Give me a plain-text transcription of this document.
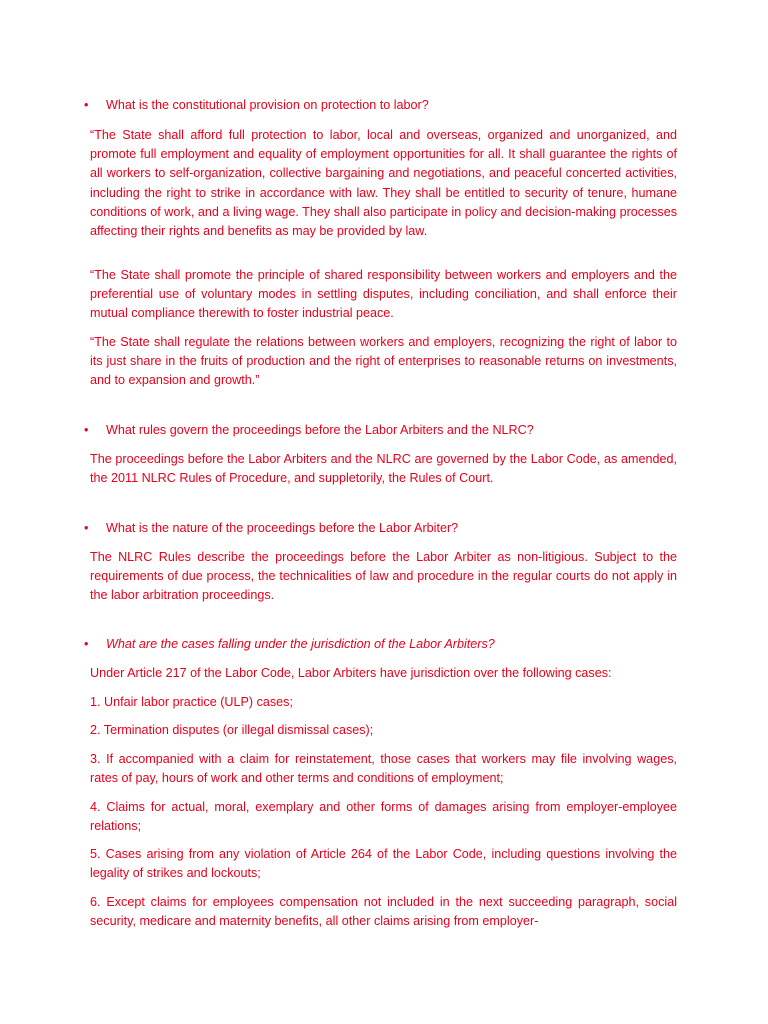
• What is the constitutional provision on protection to labor?

“The State shall afford full protection to labor, local and overseas, organized and unorganized, and promote full employment and equality of employment opportunities for all. It shall guarantee the rights of all workers to self-organization, collective bargaining and negotiations, and peaceful concerted activities, including the right to strike in accordance with law. They shall be entitled to security of tenure, humane conditions of work, and a living wage. They shall also participate in policy and decision-making processes affecting their rights and benefits as may be provided by law.

“The State shall promote the principle of shared responsibility between workers and employers and the preferential use of voluntary modes in settling disputes, including conciliation, and shall enforce their mutual compliance therewith to foster industrial peace.

“The State shall regulate the relations between workers and employers, recognizing the right of labor to its just share in the fruits of production and the right of enterprises to reasonable returns on investments, and to expansion and growth.”

• What rules govern the proceedings before the Labor Arbiters and the NLRC?

The proceedings before the Labor Arbiters and the NLRC are governed by the Labor Code, as amended, the 2011 NLRC Rules of Procedure, and suppletorily, the Rules of Court.

• What is the nature of the proceedings before the Labor Arbiter?

The NLRC Rules describe the proceedings before the Labor Arbiter as non-litigious. Subject to the requirements of due process, the technicalities of law and procedure in the regular courts do not apply in the labor arbitration proceedings.

• What are the cases falling under the jurisdiction of the Labor Arbiters?

Under Article 217 of the Labor Code, Labor Arbiters have jurisdiction over the following cases:

1. Unfair labor practice (ULP) cases;

2. Termination disputes (or illegal dismissal cases);

3. If accompanied with a claim for reinstatement, those cases that workers may file involving wages, rates of pay, hours of work and other terms and conditions of employment;

4. Claims for actual, moral, exemplary and other forms of damages arising from employer-employee relations;

5. Cases arising from any violation of Article 264 of the Labor Code, including questions involving the legality of strikes and lockouts;

6. Except claims for employees compensation not included in the next succeeding paragraph, social security, medicare and maternity benefits, all other claims arising from employer-
